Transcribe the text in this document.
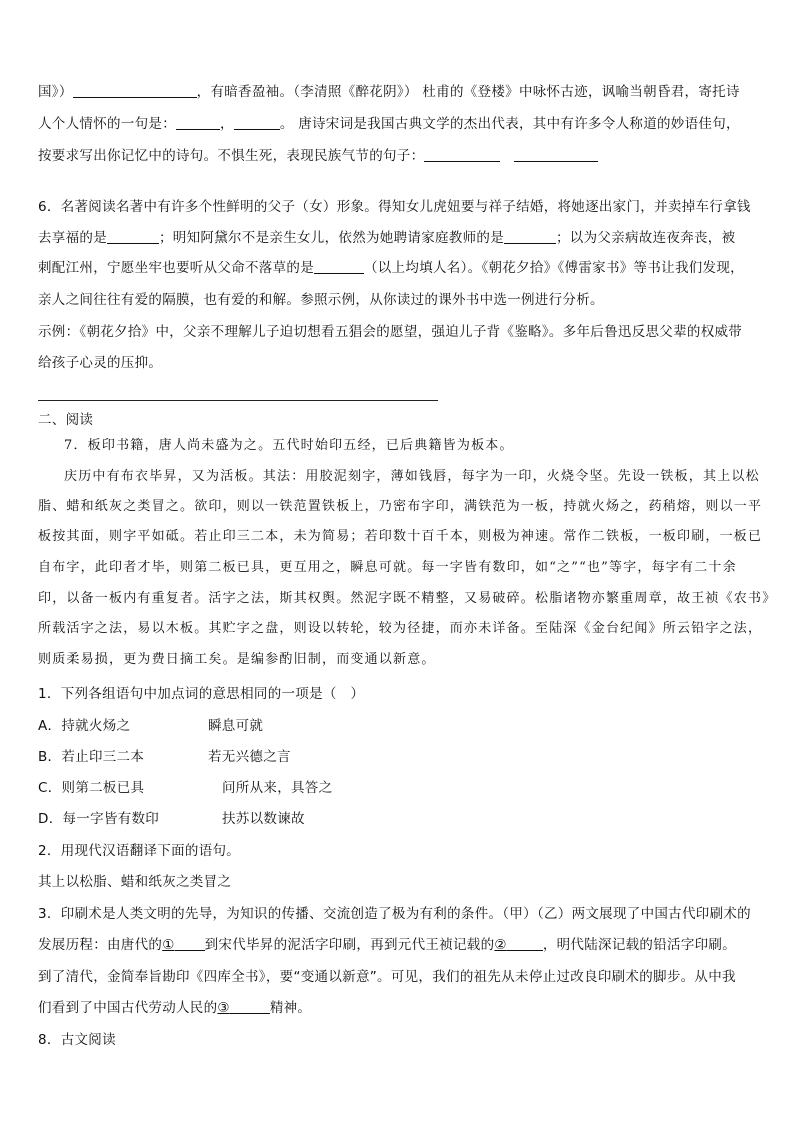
国》）	，有暗香盈袖。（李清照《醉花阴》） 杜甫的《登楼》中咏怀古迹，讽喻当朝昏君，寄托诗
人个人情怀的一句是：	，	。 唐诗宋词是我国古典文学的杰出代表，其中有许多令人称道的妙语佳句，
按要求写出你记忆中的诗句。不惧生死，表现民族气节的句子：
6．名著阅读名著中有许多个性鲜明的父子（女）形象。得知女儿虎妞要与祥子结婚，将她逐出家门，并卖掉车行拿钱
去享福的是	；明知阿黛尔不是亲生女儿，依然为她聘请家庭教师的是	；以为父亲病故连夜奔丧，被
刺配江州，宁愿坐牢也要听从父命不落草的是	（以上均填人名）。《朝花夕拾》《傅雷家书》等书让我们发现，
亲人之间往往有爱的隔膜，也有爱的和解。参照示例，从你读过的课外书中选一例进行分析。
示例：《朝花夕拾》中，父亲不理解儿子迫切想看五猖会的愿望，强迫儿子背《鉴略》。多年后鲁迅反思父辈的权威带
给孩子心灵的压抑。
二、阅读
7．板印书籍，唐人尚未盛为之。五代时始印五经，已后典籍皆为板本。
庆历中有布衣毕昇，又为活板。其法：用胶泥刻字，薄如钱唇，每字为一印，火烧令坚。先设一铁板，其上以松
脂、蜡和纸灰之类冒之。欲印，则以一铁范置铁板上，乃密布字印，满铁范为一板，持就火炀之，药稍熔，则以一平
板按其面，则字平如砥。若止印三二本，未为简易；若印数十百千本，则极为神速。常作二铁板，一板印刷，一板已
自布字，此印者才毕，则第二板已具，更互用之，瞬息可就。每一字皆有数印，如“之”“也”等字，每字有二十余
印，以备一板内有重复者。活字之法，斯其权舆。然泥字既不精整，又易破碎。松脂诸物亦繁重周章，故王祯《农书》
所载活字之法，易以木板。其贮字之盘，则设以转轮，较为径捷，而亦未详备。至陆深《金台纪闻》所云铅字之法，
则质柔易损，更为费日摘工矣。是编参酌旧制，而变通以新意。
1．下列各组语句中加点词的意思相同的一项是（　）
A．持就火炀之	瞬息可就
B．若止印三二本	若无兴德之言
C．则第二板已具	问所从来，具答之
D．每一字皆有数印	扶苏以数谏故
2．用现代汉语翻译下面的语句。
其上以松脂、蜡和纸灰之类冒之
3．印刷术是人类文明的先导，为知识的传播、交流创造了极为有利的条件。（甲）（乙）两文展现了中国古代印刷术的
发展历程：由唐代的① 到宋代毕昇的泥活字印刷，再到元代王祯记载的②	，明代陆深记载的铅活字印刷。
到了清代，金简奉旨勘印《四库全书》，要“变通以新意”。可见，我们的祖先从未停止过改良印刷术的脚步。从中我
们看到了中国古代劳动人民的③	精神。
8．古文阅读
